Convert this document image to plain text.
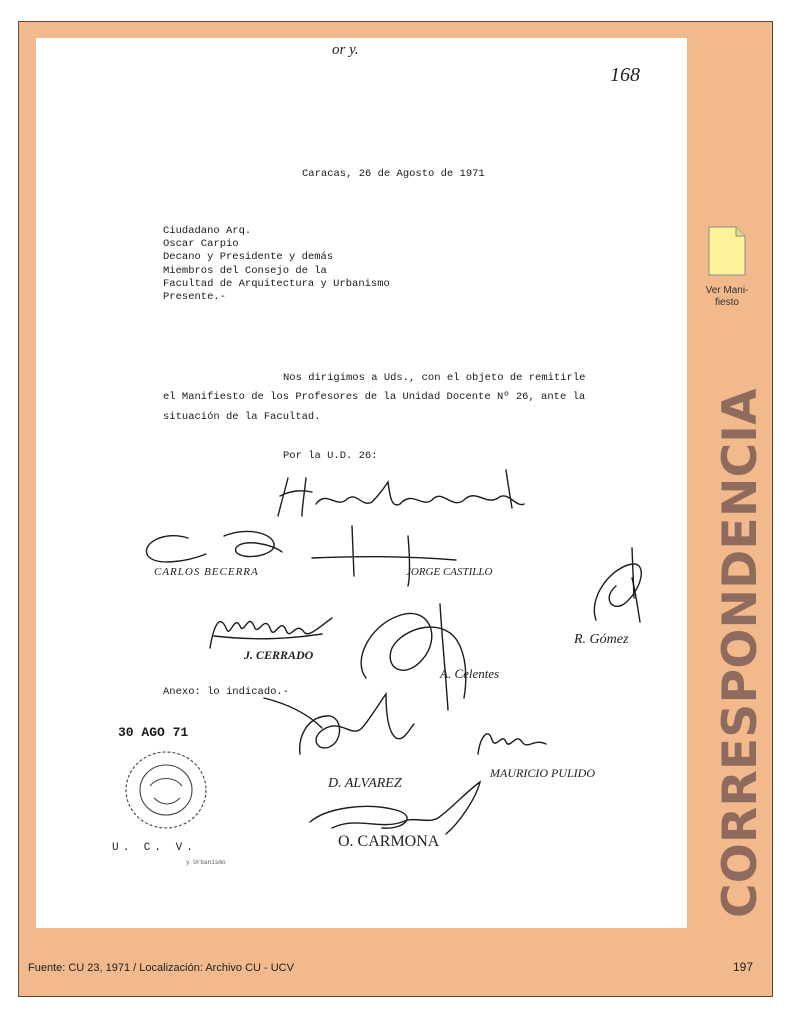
or y.
168
Caracas, 26 de Agosto de 1971
Ciudadano Arq.
Oscar Carpio
Decano y Presidente y demás
Miembros del Consejo de la
Facultad de Arquitectura y Urbanismo
Presente.-
Nos dirigimos a Uds., con el objeto de remitirle
el Manifiesto de los Profesores de la Unidad Docente Nº 26, ante la
situación de la Facultad.
Por la U.D. 26:
Anexo: lo indicado.-
CARLOS BECERRA	JORGE CASTILLO
J. CERRADO
A. Celentes
R. Gómez
D. ALVAREZ
MAURICIO PULIDO
O. CARMONA
30 AGO 71
U. C. V.
y Urbanismo
Ver Mani-
fiesto
CORRESPONDENCIA
Fuente: CU 23, 1971 / Localización: Archivo CU - UCV	197
